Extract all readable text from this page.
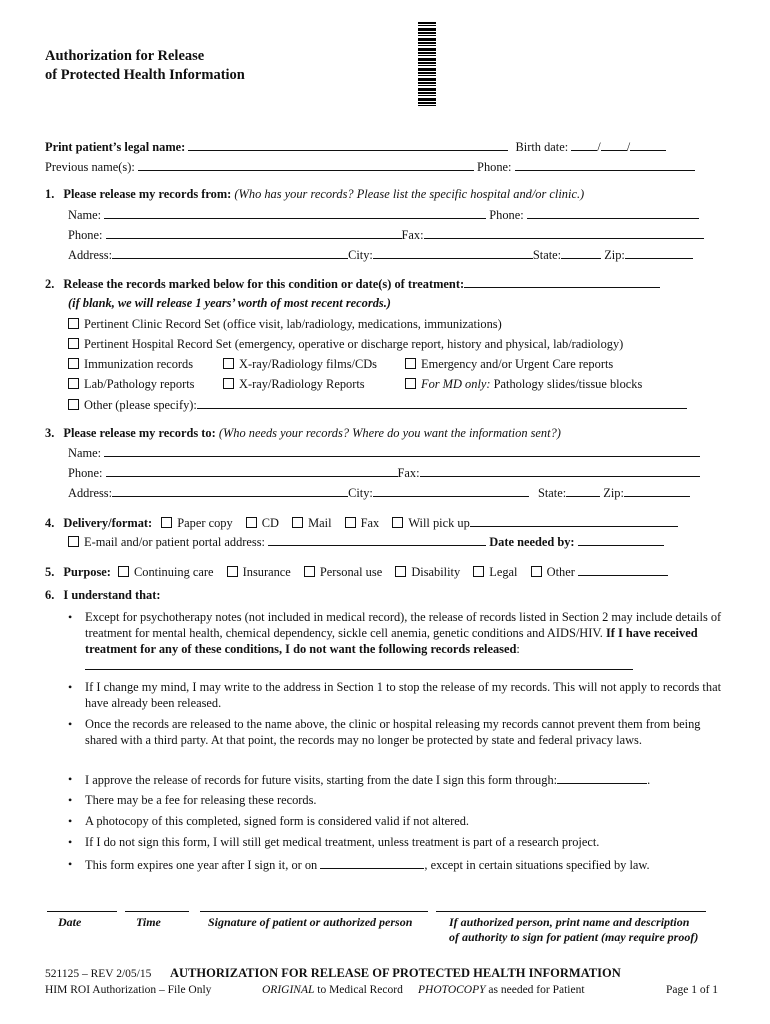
Authorization for Release
of Protected Health Information
Print patient’s legal name:	Birth date: / /
Previous name(s):	Phone:
1. Please release my records from: (Who has your records? Please list the specific hospital and/or clinic.)
Name:	Phone:
Phone:	Fax:
Address:	City:	State:	Zip:
2. Release the records marked below for this condition or date(s) of treatment:
(if blank, we will release 1 years’ worth of most recent records.)
Pertinent Clinic Record Set (office visit, lab/radiology, medications, immunizations)
Pertinent Hospital Record Set (emergency, operative or discharge report, history and physical, lab/radiology)
Immunization records	X-ray/Radiology films/CDs	Emergency and/or Urgent Care reports
Lab/Pathology reports	X-ray/Radiology Reports	For MD only: Pathology slides/tissue blocks
Other (please specify):
3. Please release my records to: (Who needs your records? Where do you want the information sent?)
Name:
Phone:	Fax:
Address:	City:	State:	Zip:
4. Delivery/format: Paper copy CD Mail Fax Will pick up
E-mail and/or patient portal address:	Date needed by:
5. Purpose: Continuing care Insurance Personal use Disability Legal Other
6. I understand that:
• Except for psychotherapy notes (not included in medical record), the release of records listed in Section 2 may include details of treatment for mental health, chemical dependency, sickle cell anemia, genetic conditions and AIDS/HIV. If I have received treatment for any of these conditions, I do not want the following records released:
• If I change my mind, I may write to the address in Section 1 to stop the release of my records. This will not apply to records that have already been released.
• Once the records are released to the name above, the clinic or hospital releasing my records cannot prevent them from being shared with a third party. At that point, the records may no longer be protected by state and federal privacy laws.
• I approve the release of records for future visits, starting from the date I sign this form through:	.
• There may be a fee for releasing these records.
• A photocopy of this completed, signed form is considered valid if not altered.
• If I do not sign this form, I will still get medical treatment, unless treatment is part of a research project.
• This form expires one year after I sign it, or on	, except in certain situations specified by law.
Date	Time	Signature of patient or authorized person	If authorized person, print name and description
of authority to sign for patient (may require proof)
521125 – REV 2/05/15 AUTHORIZATION FOR RELEASE OF PROTECTED HEALTH INFORMATION
HIM ROI Authorization – File Only	ORIGINAL to Medical Record PHOTOCOPY as needed for Patient	Page 1 of 1
